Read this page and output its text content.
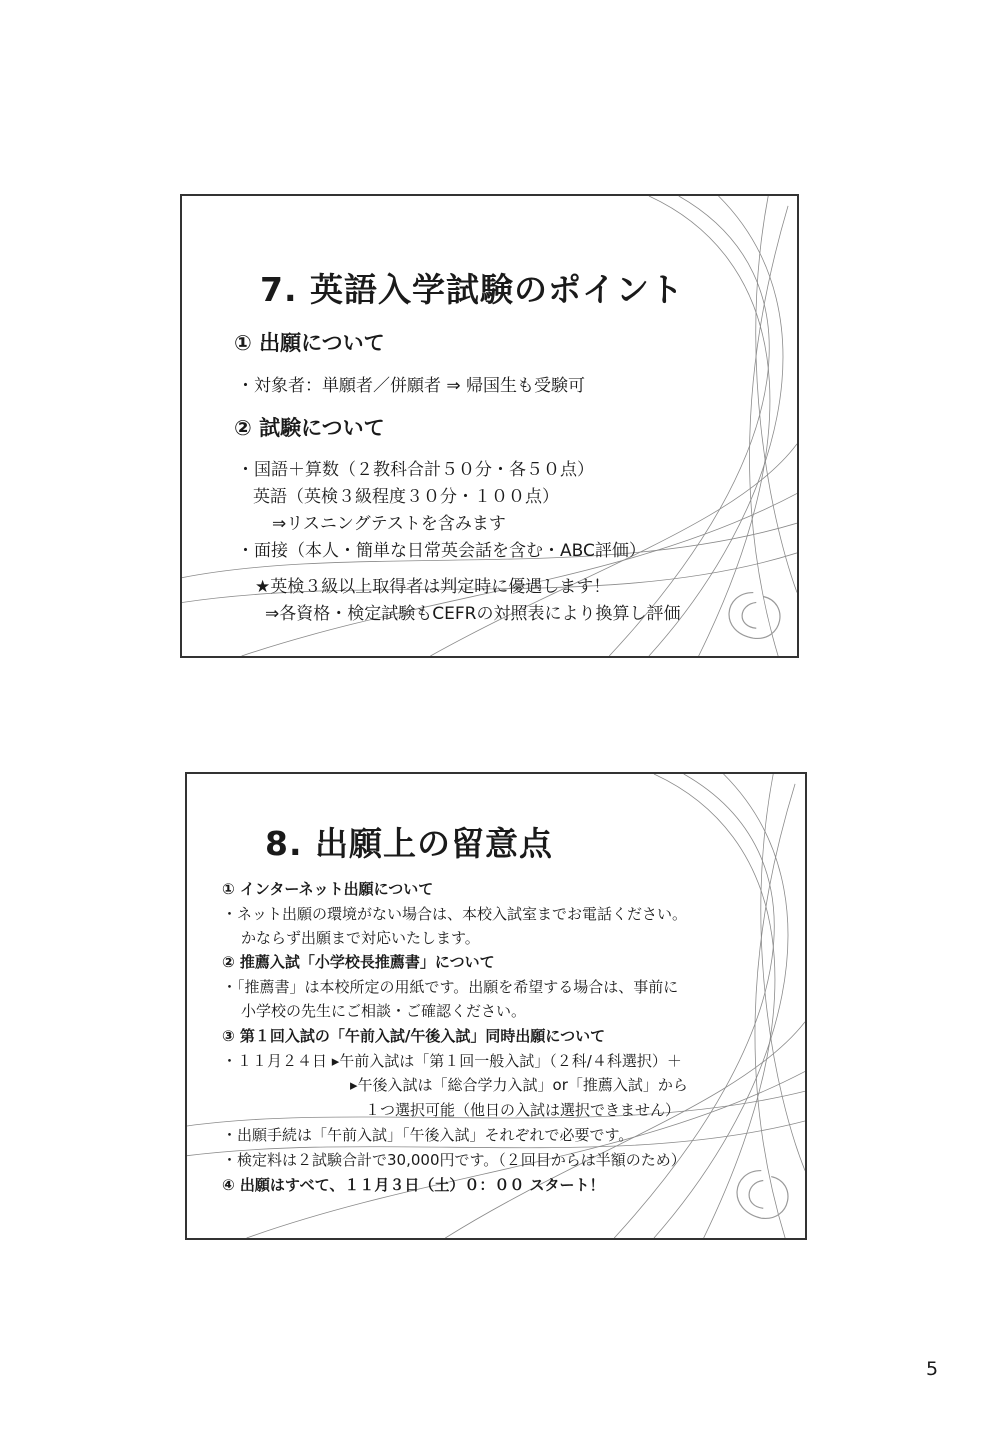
7. 英語入学試験のポイント
① 出願について
・対象者：単願者／併願者 ⇒ 帰国生も受験可
② 試験について
・国語＋算数（２教科合計５０分・各５０点）
英語（英検３級程度３０分・１００点）
⇒リスニングテストを含みます
・面接（本人・簡単な日常英会話を含む・ABC評価）
★英検３級以上取得者は判定時に優遇します！
⇒各資格・検定試験もCEFRの対照表により換算し評価
8. 出願上の留意点
① インターネット出願について
・ネット出願の環境がない場合は、本校入試室までお電話ください。
かならず出願まで対応いたします。
② 推薦入試「小学校長推薦書」について
・「推薦書」は本校所定の用紙です。出願を希望する場合は、事前に
小学校の先生にご相談・ご確認ください。
③ 第１回入試の「午前入試/午後入試」同時出願について
・１１月２４日 ▸午前入試は「第１回一般入試」（２科/４科選択）＋
▸午後入試は「総合学力入試」or「推薦入試」から
１つ選択可能（他日の入試は選択できません）
・出願手続は「午前入試」「午後入試」それぞれで必要です。
・検定料は２試験合計で30,000円です。（２回目からは半額のため）
④ 出願はすべて、１１月３日（土）０：００ スタート！
5
